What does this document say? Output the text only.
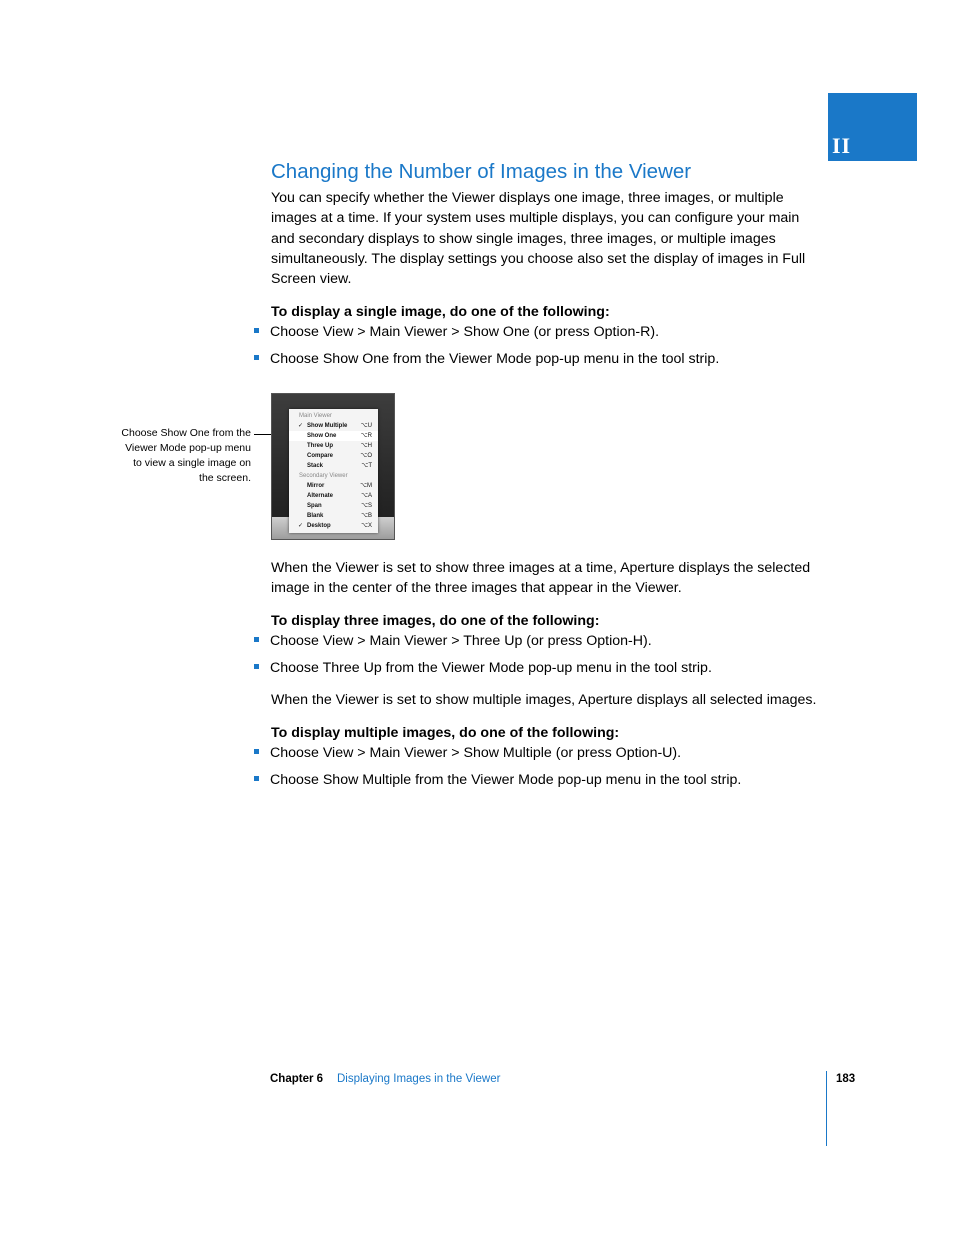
II
Changing the Number of Images in the Viewer

You can specify whether the Viewer displays one image, three images, or multiple images at a time. If your system uses multiple displays, you can configure your main and secondary displays to show single images, three images, or multiple images simultaneously. The display settings you choose also set the display of images in Full Screen view.

To display a single image, do one of the following:

Choose View > Main Viewer > Show One (or press Option-R).
Choose Show One from the Viewer Mode pop-up menu in the tool strip.

Choose Show One from the Viewer Mode pop-up menu to view a single image on the screen.

Main Viewer
✓ Show Multiple ⌥U
Show One	⌥R
Three Up	⌥H
Compare	⌥O
Stack	⌥T
Secondary Viewer
Mirror	⌥M
Alternate	⌥A
Span	⌥S
Blank	⌥B
✓ Desktop	⌥X

When the Viewer is set to show three images at a time, Aperture displays the selected image in the center of the three images that appear in the Viewer.

To display three images, do one of the following:

Choose View > Main Viewer > Three Up (or press Option-H).
Choose Three Up from the Viewer Mode pop-up menu in the tool strip.

When the Viewer is set to show multiple images, Aperture displays all selected images.

To display multiple images, do one of the following:

Choose View > Main Viewer > Show Multiple (or press Option-U).
Choose Show Multiple from the Viewer Mode pop-up menu in the tool strip.
Chapter 6 Displaying Images in the Viewer	183
